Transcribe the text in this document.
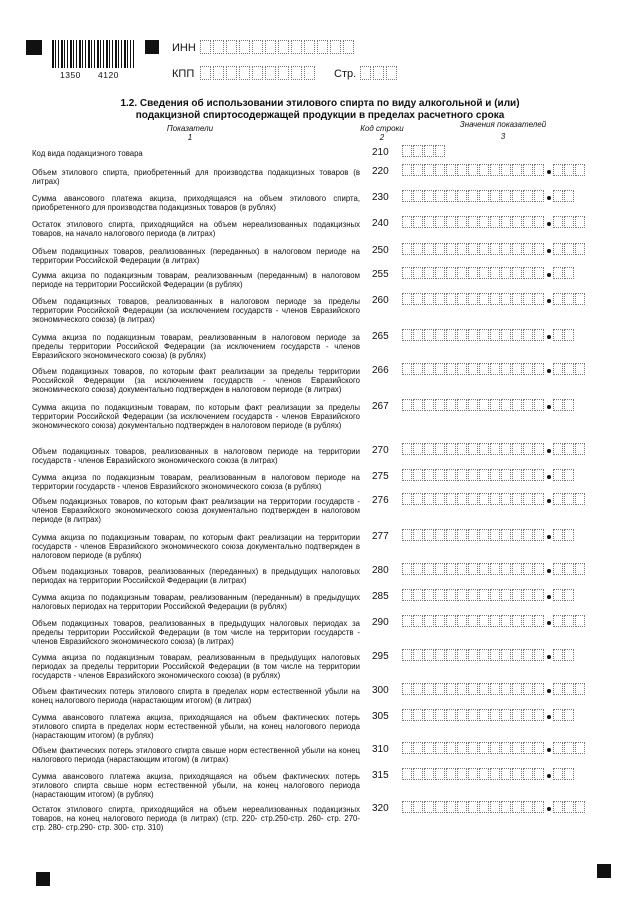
1350 4120
ИНН
КПП	Стр.
1.2. Сведения об использовании этилового спирта по виду алкогольной и (или)
подакцизной спиртосодержащей продукции в пределах расчетного срока
Показатели
1
Код строки
2
Значения показателей
3
Код вида подакцизного товара	210
Объем этилового спирта, приобретенный для производства подакцизных товаров (в литрах)
220
Сумма авансового платежа акциза, приходящаяся на объем этилового спирта, приобретенного для производства подакцизных товаров (в рублях)
230
Остаток этилового спирта, приходящийся на объем нереализованных подакцизных товаров, на начало налогового периода (в литрах)
240
Объем подакцизных товаров, реализованных (переданных) в налоговом периоде на территории Российской Федерации (в литрах)
250
Сумма акциза по подакцизным товарам, реализованным (переданным) в налоговом периоде на территории Российской Федерации (в рублях)
255
Объем подакцизных товаров, реализованных в налоговом периоде за пределы территории Российской Федерации (за исключением государств - членов Евразийского экономического союза) (в литрах)
260
Сумма акциза по подакцизным товарам, реализованным в налоговом периоде за пределы территории Российской Федерации (за исключением государств - членов Евразийского экономического союза) (в рублях)
265
Объем подакцизных товаров, по которым факт реализации за пределы территории Российской Федерации (за исключением государств - членов Евразийского экономического союза) документально подтвержден в налоговом периоде (в литрах)
266
Сумма акциза по подакцизным товарам, по которым факт реализации за пределы территории Российской Федерации (за исключением государств - членов Евразийского экономического союза) документально подтвержден в налоговом периоде (в рублях)
267
Объем подакцизных товаров, реализованных в налоговом периоде на территории государств - членов Евразийского экономического союза (в литрах)
270
Сумма акциза по подакцизным товарам, реализованным в налоговом периоде на территории государств - членов Евразийского экономического союза (в рублях)
275
Объем подакцизных товаров, по которым факт реализации на территории государств - членов Евразийского экономического союза документально подтвержден в налоговом периоде (в литрах)
276
Сумма акциза по подакцизным товарам, по которым факт реализации на территории государств - членов Евразийского экономического союза документально подтвержден в налоговом периоде (в рублях)
277
Объем подакцизных товаров, реализованных (переданных) в предыдущих налоговых периодах на территории Российской Федерации (в литрах)
280
Сумма акциза по подакцизным товарам, реализованным (переданным) в предыдущих налоговых периодах на территории Российской Федерации (в рублях)
285
Объем подакцизных товаров, реализованных в предыдущих налоговых периодах за пределы территории Российской Федерации (в том числе на территории государств - членов Евразийского экономического союза) (в литрах)
290
Сумма акциза по подакцизным товарам, реализованным в предыдущих налоговых периодах за пределы территории Российской Федерации (в том числе на территории государств - членов Евразийского экономического союза) (в рублях)
295
Объем фактических потерь этилового спирта в пределах норм естественной убыли на конец налогового периода (нарастающим итогом) (в литрах)
300
Сумма авансового платежа акциза, приходящаяся на объем фактических потерь этилового спирта в пределах норм естественной убыли, на конец налогового периода (нарастающим итогом) (в рублях)
305
Объем фактических потерь этилового спирта свыше норм естественной убыли на конец налогового периода (нарастающим итогом) (в литрах)
310
Сумма авансового платежа акциза, приходящаяся на объем фактических потерь этилового спирта свыше норм естественной убыли, на конец налогового периода (нарастающим итогом) (в рублях)
315
Остаток этилового спирта, приходящийся на объем нереализованных подакцизных товаров, на конец налогового периода (в литрах) (стр. 220- стр.250-стр. 260- стр. 270- стр. 280- стр.290- стр. 300- стр. 310)
320
